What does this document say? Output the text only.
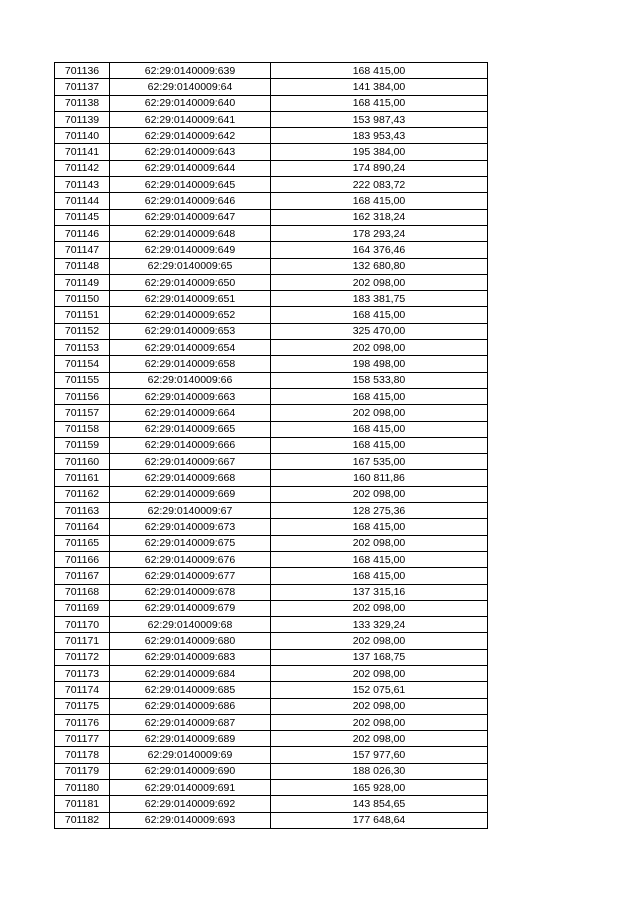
701136	62:29:0140009:639	168 415,00
701137	62:29:0140009:64	141 384,00
701138	62:29:0140009:640	168 415,00
701139	62:29:0140009:641	153 987,43
701140	62:29:0140009:642	183 953,43
701141	62:29:0140009:643	195 384,00
701142	62:29:0140009:644	174 890,24
701143	62:29:0140009:645	222 083,72
701144	62:29:0140009:646	168 415,00
701145	62:29:0140009:647	162 318,24
701146	62:29:0140009:648	178 293,24
701147	62:29:0140009:649	164 376,46
701148	62:29:0140009:65	132 680,80
701149	62:29:0140009:650	202 098,00
701150	62:29:0140009:651	183 381,75
701151	62:29:0140009:652	168 415,00
701152	62:29:0140009:653	325 470,00
701153	62:29:0140009:654	202 098,00
701154	62:29:0140009:658	198 498,00
701155	62:29:0140009:66	158 533,80
701156	62:29:0140009:663	168 415,00
701157	62:29:0140009:664	202 098,00
701158	62:29:0140009:665	168 415,00
701159	62:29:0140009:666	168 415,00
701160	62:29:0140009:667	167 535,00
701161	62:29:0140009:668	160 811,86
701162	62:29:0140009:669	202 098,00
701163	62:29:0140009:67	128 275,36
701164	62:29:0140009:673	168 415,00
701165	62:29:0140009:675	202 098,00
701166	62:29:0140009:676	168 415,00
701167	62:29:0140009:677	168 415,00
701168	62:29:0140009:678	137 315,16
701169	62:29:0140009:679	202 098,00
701170	62:29:0140009:68	133 329,24
701171	62:29:0140009:680	202 098,00
701172	62:29:0140009:683	137 168,75
701173	62:29:0140009:684	202 098,00
701174	62:29:0140009:685	152 075,61
701175	62:29:0140009:686	202 098,00
701176	62:29:0140009:687	202 098,00
701177	62:29:0140009:689	202 098,00
701178	62:29:0140009:69	157 977,60
701179	62:29:0140009:690	188 026,30
701180	62:29:0140009:691	165 928,00
701181	62:29:0140009:692	143 854,65
701182	62:29:0140009:693	177 648,64
